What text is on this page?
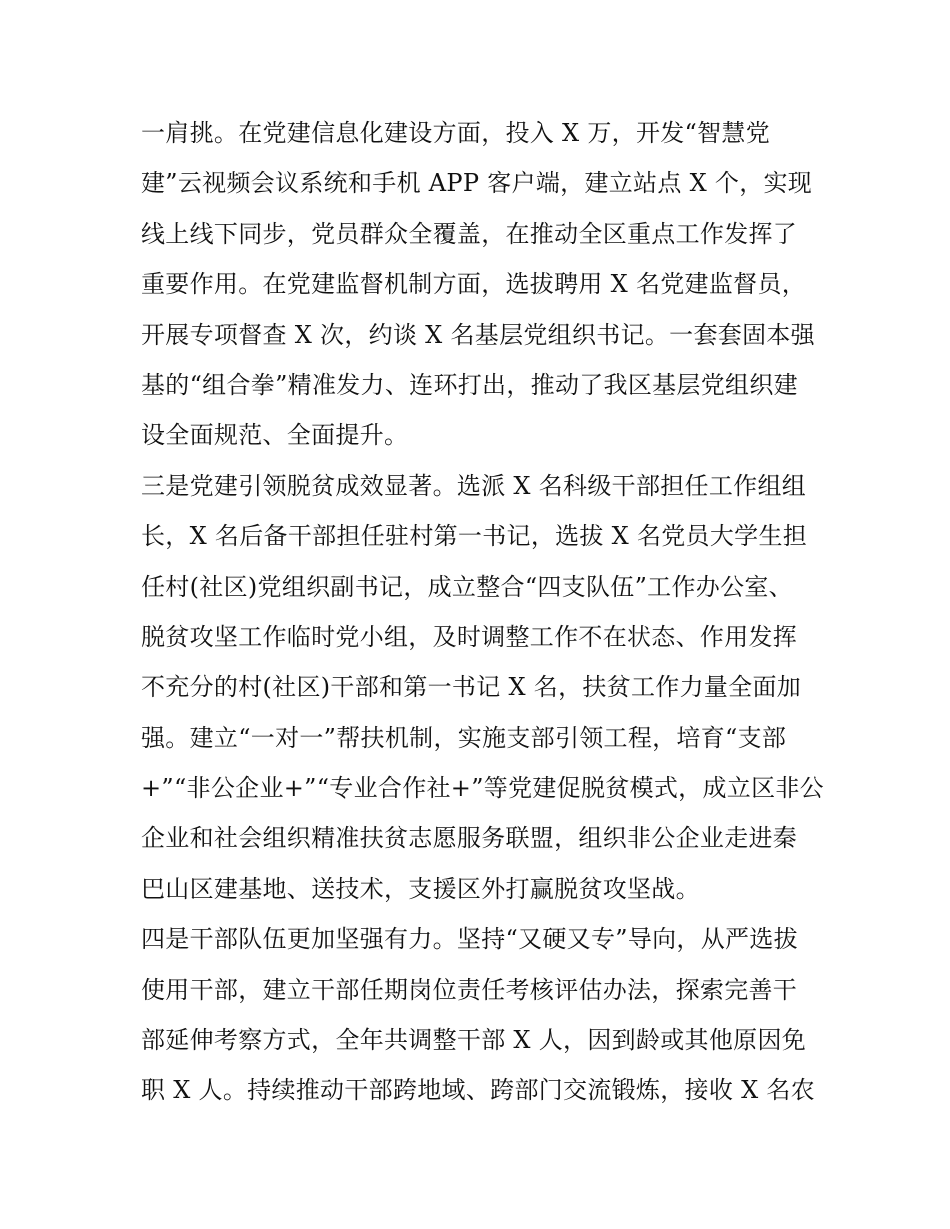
一肩挑。在党建信息化建设方面，投入 X 万，开发“智慧党
建”云视频会议系统和手机 APP 客户端，建立站点 X 个，实现
线上线下同步，党员群众全覆盖，在推动全区重点工作发挥了
重要作用。在党建监督机制方面，选拔聘用 X 名党建监督员，
开展专项督查 X 次，约谈 X 名基层党组织书记。一套套固本强
基的“组合拳”精准发力、连环打出，推动了我区基层党组织建
设全面规范、全面提升。
三是党建引领脱贫成效显著。选派 X 名科级干部担任工作组组
长，X 名后备干部担任驻村第一书记，选拔 X 名党员大学生担
任村(社区)党组织副书记，成立整合“四支队伍”工作办公室、
脱贫攻坚工作临时党小组，及时调整工作不在状态、作用发挥
不充分的村(社区)干部和第一书记 X 名，扶贫工作力量全面加
强。建立“一对一”帮扶机制，实施支部引领工程，培育“支部
+”“非公企业+”“专业合作社+”等党建促脱贫模式，成立区非公
企业和社会组织精准扶贫志愿服务联盟，组织非公企业走进秦
巴山区建基地、送技术，支援区外打赢脱贫攻坚战。
四是干部队伍更加坚强有力。坚持“又硬又专”导向，从严选拔
使用干部，建立干部任期岗位责任考核评估办法，探索完善干
部延伸考察方式，全年共调整干部 X 人，因到龄或其他原因免
职 X 人。持续推动干部跨地域、跨部门交流锻炼，接收 X 名农
